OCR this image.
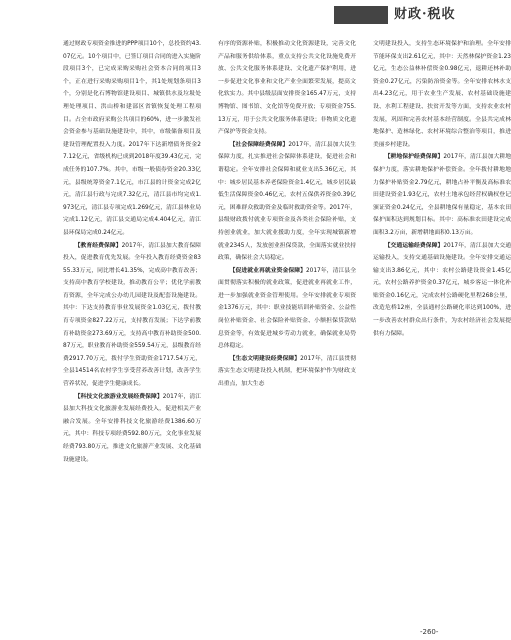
财政·税收

通过财政专项资金推进的PPP项目10个，总投资约43.07亿元。10个项目中，已签订项目合同的进入实施阶段项目3个，已完成采购采购社会资本合同的项目3个，正在进行采购采购项目1个，其1处规划条项目3个，分别是化石博物馆建设项目、城镇供水及垃圾处理处理项目、洪山桥和建部区省镇恢复处理工程项目。占全市政府采购公共项目的60%，进一步激发社会资金参与基础设施建设中，其中，市级储备项目及建设管理配置投入力度。2017年下达新增债务资金27.12亿元，省级机构已成到2018年度39.43亿元，完成任务的107.7%。其中，市级一般债券资金20.33亿元，县级统筹资金7.1亿元，市江县的计资金完成2亿元，清江县行政与完成7.32亿元，清江县市均完成1.973亿元，清江县专项完成1.269亿元，清江县林业局完成1.12亿元，清江县交通局完成4.404亿元，清江县环保局完成0.24亿元。

【教育经费保障】2017年，清江县加大教育保障投入，促进教育优先发展。全年投入教育经费资金8355.33万元，同比增长41.35%，完成高中教育改善；支持高中教育学校建设，推动教育公平；优化学前教育资源，全年完成公办幼儿园建设及配套设施建设。其中：下达支持教育事业发展资金1.03亿元，拨付教育专项资金827.22万元，支持教育发展；下达学前教育补助资金273.69万元，支持高中教育补助资金500.87万元，职业教育补助资金559.54万元，县级教育经费2917.70万元，拨付学生资助资金1717.54万元，全县14514名农村学生享受营养改善计划，改善学生营养状况，促进学生健康成长。

【科技文化旅游业发展经费保障】2017年，清江县加大科技文化旅游业发展经费投入，促进相关产业融合发展。全年安排科技文化旅游经费1386.60万元，其中：科技专项经费592.80万元，文化事业发展经费793.80万元，推进文化旅游产业发展、文化基础设施建设。

有序的资源补贴，积极推动文化资源建设，完善文化产品和服务供给体系，重点支持公共文化设施免费开放、公共文化服务体系建设、文化遗产保护利用，进一步促进文化事业和文化产业全面繁荣发展，提高文化软实力。其中县级层面安排资金165.47万元，支持博物馆、图书馆、文化馆等免费开放；专项资金755.13万元，用于公共文化服务体系建设；非物质文化遗产保护等资金支持。

【社会保障经费保障】2017年，清江县加大民生保障力度，扎实推进社会保障体系建设，促进社会和谐稳定。全年安排社会保障和就业支出5.36亿元，其中：城乡居民基本养老保险资金1.4亿元，城乡居民最低生活保障资金0.46亿元，农村五保供养资金0.39亿元，困难群众救助资金及临时救助资金等。2017年，县级财政拨付就业专项资金及各类社会保险补贴，支持创业就业，加大就业援助力度，全年实现城镇新增就业2345人，发放创业担保贷款，全面落实就业扶持政策，确保社会大局稳定。

【促进就业再就业资金保障】2017年，清江县全面贯彻落实积极的就业政策，促进就业再就业工作，进一步加强就业资金管理使用。全年安排就业专项资金1376万元，其中：职业技能培训补贴资金、公益性岗位补贴资金、社会保险补贴资金、小额担保贷款贴息资金等，有效促进城乡劳动力就业，确保就业局势总体稳定。

【生态文明建设经费保障】2017年，清江县贯彻落实生态文明建设投入机制，把环境保护作为财政支出重点，加大生态

文明建设投入，支持生态环境保护和治理。全年安排节能环保支出2.61亿元，其中：天然林保护资金1.23亿元，生态公益林补偿资金0.98亿元，退耕还林补助资金0.27亿元，污染防治资金等。全年安排农林水支出4.23亿元，用于农业生产发展、农村基础设施建设、水利工程建设、扶贫开发等方面，支持农业农村发展，巩固和完善农村基本经营制度。全县共完成林地保护、造林绿化、农村环境综合整治等项目，推进美丽乡村建设。

【耕地保护经费保障】2017年，清江县加大耕地保护力度，落实耕地保护补偿资金。全年拨付耕地地力保护补贴资金2.79亿元，耕地占补平衡及高标准农田建设资金1.93亿元，农村土地承包经营权确权登记颁证资金0.24亿元，全县耕地保有量稳定，基本农田保护面积达到规划目标。其中：高标准农田建设完成面积3.2万亩，新增耕地面积0.13万亩。

【交通运输经费保障】2017年，清江县加大交通运输投入，支持交通基础设施建设。全年安排交通运输支出3.86亿元，其中：农村公路建设资金1.45亿元，农村公路养护资金0.37亿元，城乡客运一体化补贴资金0.16亿元，完成农村公路硬化里程268公里，改造危桥12座，全县通村公路硬化率达到100%，进一步改善农村群众出行条件，为农村经济社会发展提供有力保障。

-260-
